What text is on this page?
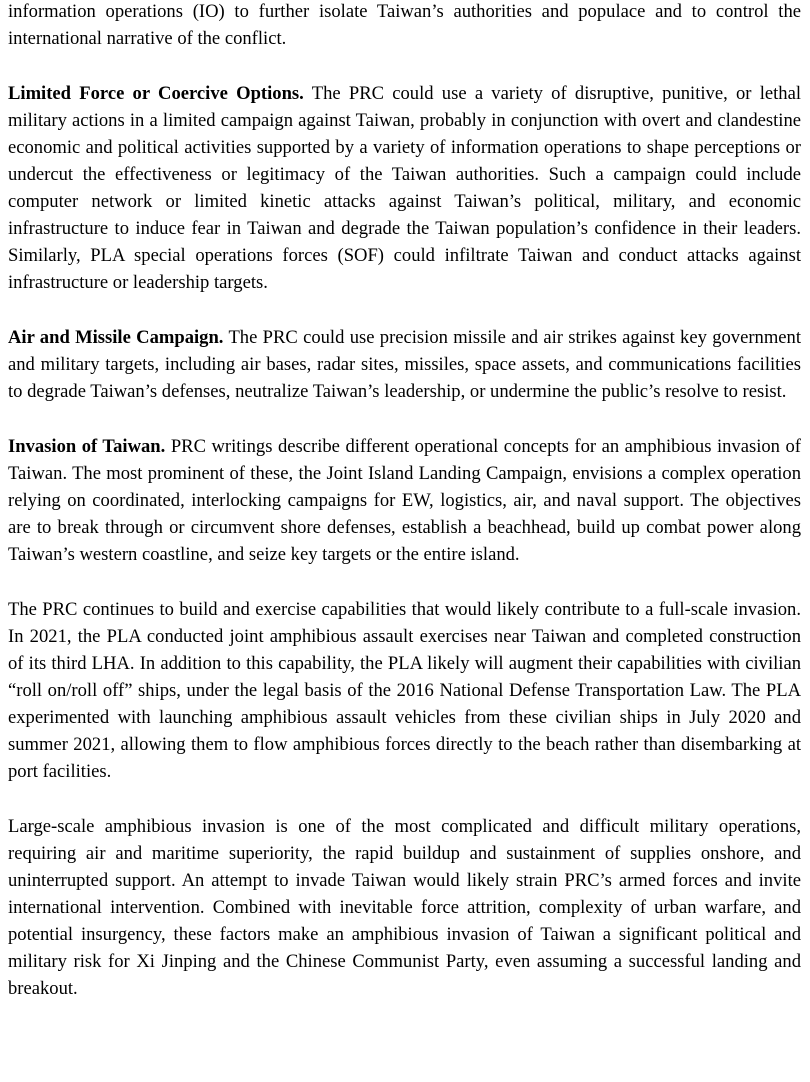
information operations (IO) to further isolate Taiwan’s authorities and populace and to control the international narrative of the conflict.

Limited Force or Coercive Options. The PRC could use a variety of disruptive, punitive, or lethal military actions in a limited campaign against Taiwan, probably in conjunction with overt and clandestine economic and political activities supported by a variety of information operations to shape perceptions or undercut the effectiveness or legitimacy of the Taiwan authorities. Such a campaign could include computer network or limited kinetic attacks against Taiwan’s political, military, and economic infrastructure to induce fear in Taiwan and degrade the Taiwan population’s confidence in their leaders. Similarly, PLA special operations forces (SOF) could infiltrate Taiwan and conduct attacks against infrastructure or leadership targets.

Air and Missile Campaign. The PRC could use precision missile and air strikes against key government and military targets, including air bases, radar sites, missiles, space assets, and communications facilities to degrade Taiwan’s defenses, neutralize Taiwan’s leadership, or undermine the public’s resolve to resist.

Invasion of Taiwan. PRC writings describe different operational concepts for an amphibious invasion of Taiwan. The most prominent of these, the Joint Island Landing Campaign, envisions a complex operation relying on coordinated, interlocking campaigns for EW, logistics, air, and naval support. The objectives are to break through or circumvent shore defenses, establish a beachhead, build up combat power along Taiwan’s western coastline, and seize key targets or the entire island.

The PRC continues to build and exercise capabilities that would likely contribute to a full-scale invasion. In 2021, the PLA conducted joint amphibious assault exercises near Taiwan and completed construction of its third LHA. In addition to this capability, the PLA likely will augment their capabilities with civilian “roll on/roll off” ships, under the legal basis of the 2016 National Defense Transportation Law. The PLA experimented with launching amphibious assault vehicles from these civilian ships in July 2020 and summer 2021, allowing them to flow amphibious forces directly to the beach rather than disembarking at port facilities.

Large-scale amphibious invasion is one of the most complicated and difficult military operations, requiring air and maritime superiority, the rapid buildup and sustainment of supplies onshore, and uninterrupted support. An attempt to invade Taiwan would likely strain PRC’s armed forces and invite international intervention. Combined with inevitable force attrition, complexity of urban warfare, and potential insurgency, these factors make an amphibious invasion of Taiwan a significant political and military risk for Xi Jinping and the Chinese Communist Party, even assuming a successful landing and breakout.
